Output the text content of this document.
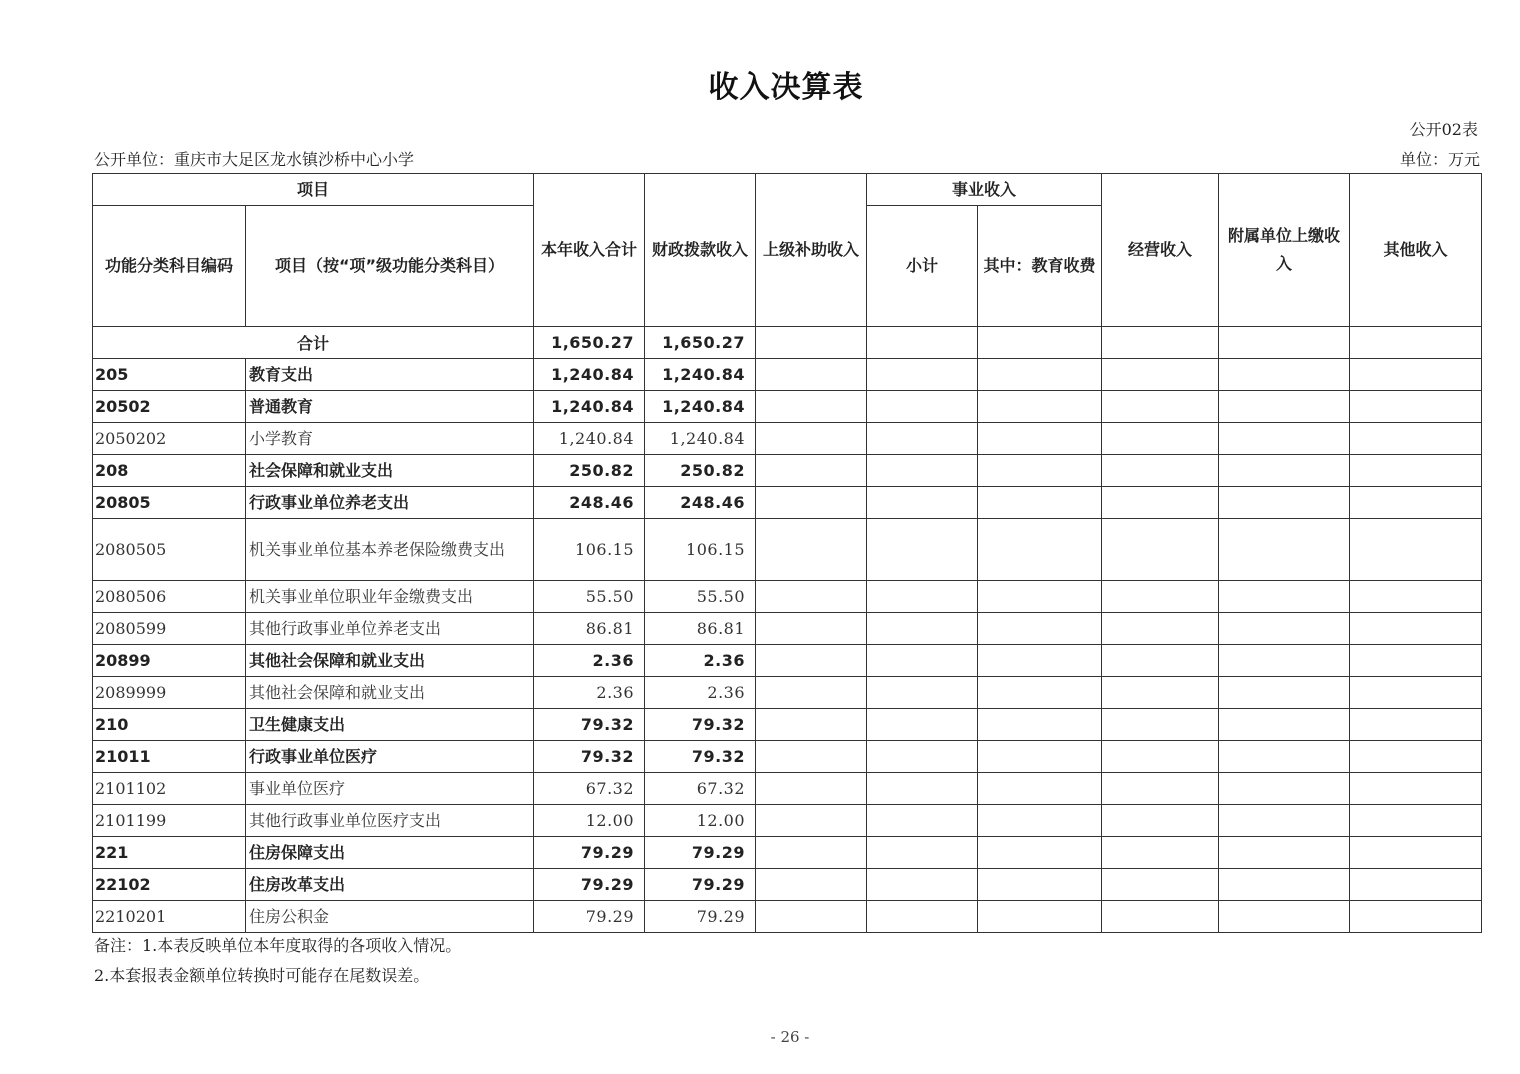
收入决算表
公开02表
公开单位：重庆市大足区龙水镇沙桥中心小学	单位：万元
项目		本年收入合计	财政拨款收入	上级补助收入	事业收入		经营收入	附属单位上缴收入	其他收入
功能分类科目编码	项目（按“项”级功能分类科目）				小计	其中：教育收费			
合计		1,650.27	1,650.27						
205	教育支出	1,240.84	1,240.84						
20502	普通教育	1,240.84	1,240.84						
2050202	小学教育	1,240.84	1,240.84						
208	社会保障和就业支出	250.82	250.82						
20805	行政事业单位养老支出	248.46	248.46						
2080505	机关事业单位基本养老保险缴费支出	106.15	106.15						
2080506	机关事业单位职业年金缴费支出	55.50	55.50						
2080599	其他行政事业单位养老支出	86.81	86.81						
20899	其他社会保障和就业支出	2.36	2.36						
2089999	其他社会保障和就业支出	2.36	2.36						
210	卫生健康支出	79.32	79.32						
21011	行政事业单位医疗	79.32	79.32						
2101102	事业单位医疗	67.32	67.32						
2101199	其他行政事业单位医疗支出	12.00	12.00						
221	住房保障支出	79.29	79.29						
22102	住房改革支出	79.29	79.29						
2210201	住房公积金	79.29	79.29						
备注：1.本表反映单位本年度取得的各项收入情况。
2.本套报表金额单位转换时可能存在尾数误差。
- 26 -
